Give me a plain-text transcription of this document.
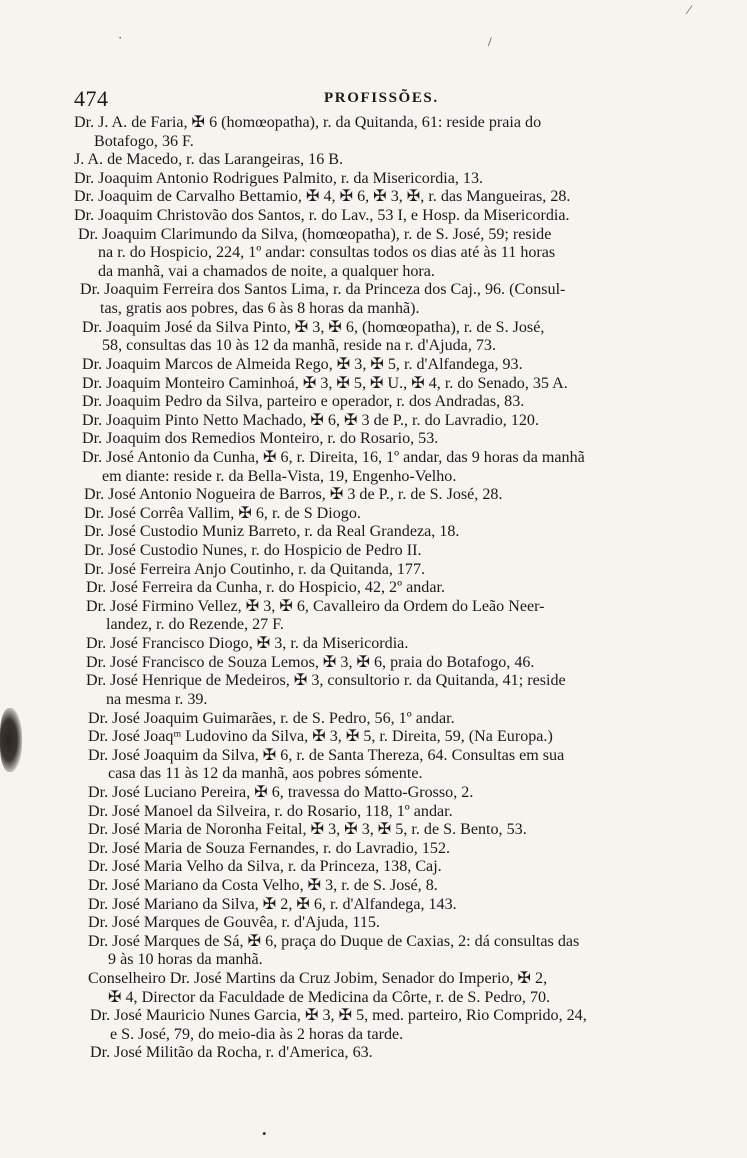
·	/
⁄
•
474	PROFISSÕES.
Dr. J. A. de Faria, ✠ 6 (homœopatha), r. da Quitanda, 61: reside praia do
Botafogo, 36 F.
J. A. de Macedo, r. das Larangeiras, 16 B.
Dr. Joaquim Antonio Rodrigues Palmito, r. da Misericordia, 13.
Dr. Joaquim de Carvalho Bettamio, ✠ 4, ✠ 6, ✠ 3, ✠, r. das Mangueiras, 28.
Dr. Joaquim Christovão dos Santos, r. do Lav., 53 I, e Hosp. da Misericordia.
Dr. Joaquim Clarimundo da Silva, (homœopatha), r. de S. José, 59; reside
na r. do Hospicio, 224, 1º andar: consultas todos os dias até às 11 horas
da manhã, vai a chamados de noite, a qualquer hora.
Dr. Joaquim Ferreira dos Santos Lima, r. da Princeza dos Caj., 96. (Consul-
tas, gratis aos pobres, das 6 às 8 horas da manhã).
Dr. Joaquim José da Silva Pinto, ✠ 3, ✠ 6, (homœopatha), r. de S. José,
58, consultas das 10 às 12 da manhã, reside na r. d'Ajuda, 73.
Dr. Joaquim Marcos de Almeida Rego, ✠ 3, ✠ 5, r. d'Alfandega, 93.
Dr. Joaquim Monteiro Caminhoá, ✠ 3, ✠ 5, ✠ U., ✠ 4, r. do Senado, 35 A.
Dr. Joaquim Pedro da Silva, parteiro e operador, r. dos Andradas, 83.
Dr. Joaquim Pinto Netto Machado, ✠ 6, ✠ 3 de P., r. do Lavradio, 120.
Dr. Joaquim dos Remedios Monteiro, r. do Rosario, 53.
Dr. José Antonio da Cunha, ✠ 6, r. Direita, 16, 1º andar, das 9 horas da manhã
em diante: reside r. da Bella-Vista, 19, Engenho-Velho.
Dr. José Antonio Nogueira de Barros, ✠ 3 de P., r. de S. José, 28.
Dr. José Corrêa Vallim, ✠ 6, r. de S Diogo.
Dr. José Custodio Muniz Barreto, r. da Real Grandeza, 18.
Dr. José Custodio Nunes, r. do Hospicio de Pedro II.
Dr. José Ferreira Anjo Coutinho, r. da Quitanda, 177.
Dr. José Ferreira da Cunha, r. do Hospicio, 42, 2º andar.
Dr. José Firmino Vellez, ✠ 3, ✠ 6, Cavalleiro da Ordem do Leão Neer-
landez, r. do Rezende, 27 F.
Dr. José Francisco Diogo, ✠ 3, r. da Misericordia.
Dr. José Francisco de Souza Lemos, ✠ 3, ✠ 6, praia do Botafogo, 46.
Dr. José Henrique de Medeiros, ✠ 3, consultorio r. da Quitanda, 41; reside
na mesma r. 39.
Dr. José Joaquim Guimarães, r. de S. Pedro, 56, 1º andar.
Dr. José Joaqᵐ Ludovino da Silva, ✠ 3, ✠ 5, r. Direita, 59, (Na Europa.)
Dr. José Joaquim da Silva, ✠ 6, r. de Santa Thereza, 64. Consultas em sua
casa das 11 às 12 da manhã, aos pobres sómente.
Dr. José Luciano Pereira, ✠ 6, travessa do Matto-Grosso, 2.
Dr. José Manoel da Silveira, r. do Rosario, 118, 1º andar.
Dr. José Maria de Noronha Feital, ✠ 3, ✠ 3, ✠ 5, r. de S. Bento, 53.
Dr. José Maria de Souza Fernandes, r. do Lavradio, 152.
Dr. José Maria Velho da Silva, r. da Princeza, 138, Caj.
Dr. José Mariano da Costa Velho, ✠ 3, r. de S. José, 8.
Dr. José Mariano da Silva, ✠ 2, ✠ 6, r. d'Alfandega, 143.
Dr. José Marques de Gouvêa, r. d'Ajuda, 115.
Dr. José Marques de Sá, ✠ 6, praça do Duque de Caxias, 2: dá consultas das
9 às 10 horas da manhã.
Conselheiro Dr. José Martins da Cruz Jobim, Senador do Imperio, ✠ 2,
✠ 4, Director da Faculdade de Medicina da Côrte, r. de S. Pedro, 70.
Dr. José Mauricio Nunes Garcia, ✠ 3, ✠ 5, med. parteiro, Rio Comprido, 24,
e S. José, 79, do meio-dia às 2 horas da tarde.
Dr. José Militão da Rocha, r. d'America, 63.
